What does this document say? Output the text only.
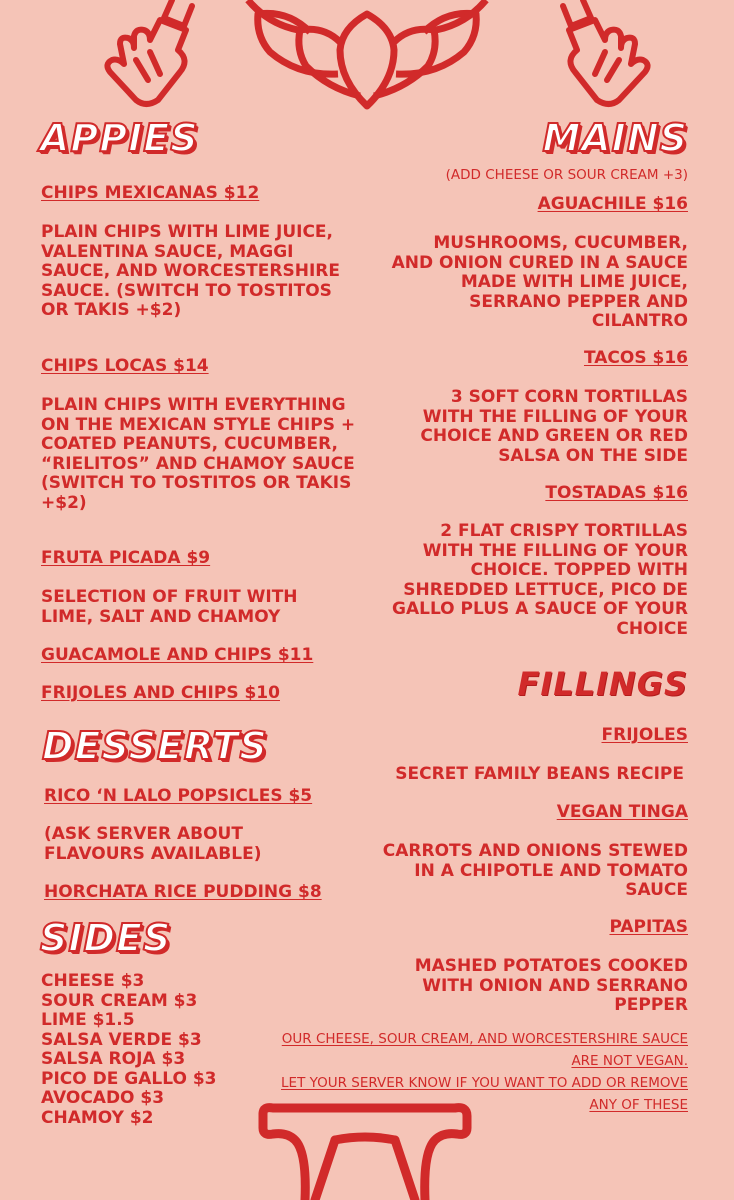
APPIES

CHIPS MEXICANAS $12

PLAIN CHIPS WITH LIME JUICE, VALENTINA SAUCE, MAGGI SAUCE, AND WORCESTERSHIRE SAUCE. (SWITCH TO TOSTITOS OR TAKIS +$2)

CHIPS LOCAS $14

PLAIN CHIPS WITH EVERYTHING ON THE MEXICAN STYLE CHIPS + COATED PEANUTS, CUCUMBER, “RIELITOS” AND CHAMOY SAUCE (SWITCH TO TOSTITOS OR TAKIS +$2)

FRUTA PICADA $9

SELECTION OF FRUIT WITH LIME, SALT AND CHAMOY

GUACAMOLE AND CHIPS $11

FRIJOLES AND CHIPS $10

DESSERTS

RICO ‘N LALO POPSICLES $5

(ASK SERVER ABOUT FLAVOURS AVAILABLE)

HORCHATA RICE PUDDING $8

SIDES
CHEESE $3
SOUR CREAM $3
LIME $1.5
SALSA VERDE $3
SALSA ROJA $3
PICO DE GALLO $3
AVOCADO $3
CHAMOY $2
MAINS

(ADD CHEESE OR SOUR CREAM +3)

AGUACHILE $16

MUSHROOMS, CUCUMBER, AND ONION CURED IN A SAUCE MADE WITH LIME JUICE, SERRANO PEPPER AND CILANTRO

TACOS $16

3 SOFT CORN TORTILLAS WITH THE FILLING OF YOUR CHOICE AND GREEN OR RED SALSA ON THE SIDE

TOSTADAS $16

2 FLAT CRISPY TORTILLAS WITH THE FILLING OF YOUR CHOICE. TOPPED WITH SHREDDED LETTUCE, PICO DE GALLO PLUS A SAUCE OF YOUR CHOICE

FILLINGS

FRIJOLES

SECRET FAMILY BEANS RECIPE

VEGAN TINGA

CARROTS AND ONIONS STEWED IN A CHIPOTLE AND TOMATO SAUCE

PAPITAS

MASHED POTATOES COOKED WITH ONION AND SERRANO PEPPER

OUR CHEESE, SOUR CREAM, AND WORCESTERSHIRE SAUCE

ARE NOT VEGAN.

LET YOUR SERVER KNOW IF YOU WANT TO ADD OR REMOVE

ANY OF THESE
